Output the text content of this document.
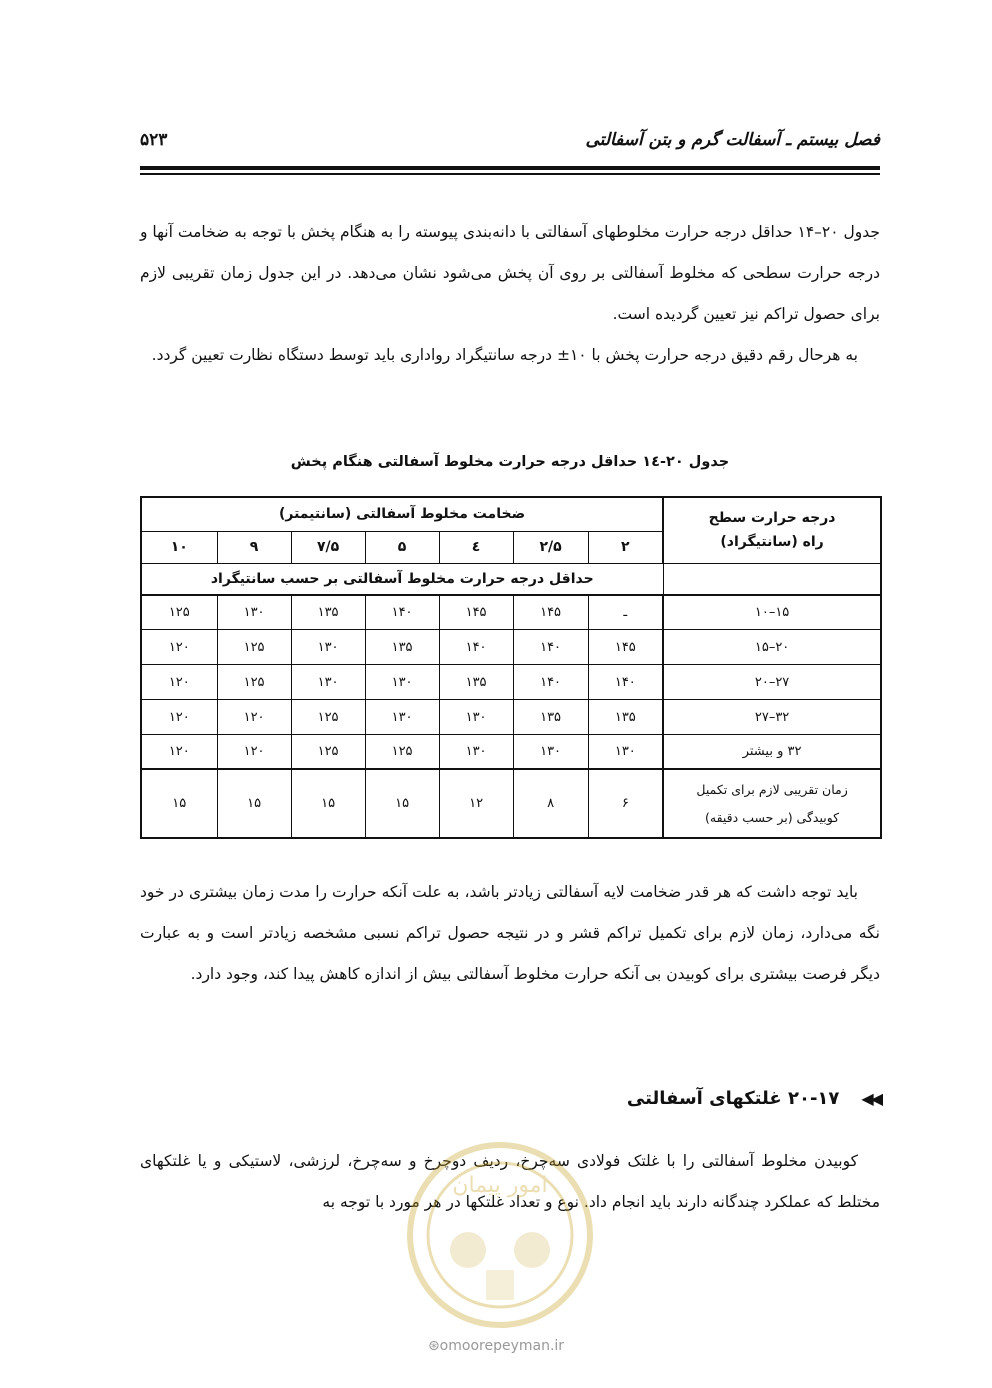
فصل بیستم ـ آسفالت گرم و بتن آسفالتی
۵۲۳

جدول ۲۰–۱۴ حداقل درجه حرارت مخلوطهای آسفالتی با دانه‌بندی پیوسته را به هنگام پخش با توجه به ضخامت آنها و درجه حرارت سطحی که مخلوط آسفالتی بر روی آن پخش می‌شود نشان می‌دهد. در این جدول زمان تقریبی لازم برای حصول تراکم نیز تعیین گردیده است.

به هرحال رقم دقیق درجه حرارت پخش با ۱۰± درجه سانتیگراد رواداری باید توسط دستگاه نظارت تعیین گردد.

جدول ۲۰-۱٤ حداقل درجه حرارت مخلوط آسفالتی هنگام پخش
درجه حرارت سطح راه (سانتیگراد)	ضخامت مخلوط آسفالتی (سانتیمتر)						
	۲	۲/۵	٤	۵	۷/۵	۹	۱۰
	حداقل درجه حرارت مخلوط آسفالتی بر حسب سانتیگراد						
۱۵–۱۰	ـ	۱۴۵	۱۴۵	۱۴۰	۱۳۵	۱۳۰	۱۲۵
۲۰–۱۵	۱۴۵	۱۴۰	۱۴۰	۱۳۵	۱۳۰	۱۲۵	۱۲۰
۲۷–۲۰	۱۴۰	۱۴۰	۱۳۵	۱۳۰	۱۳۰	۱۲۵	۱۲۰
۳۲–۲۷	۱۳۵	۱۳۵	۱۳۰	۱۳۰	۱۲۵	۱۲۰	۱۲۰
۳۲ و بیشتر	۱۳۰	۱۳۰	۱۳۰	۱۲۵	۱۲۵	۱۲۰	۱۲۰

زمان تقریبی لازم برای تکمیل
کوبیدگی (بر حسب دقیقه)	۶	۸	۱۲	۱۵	۱۵	۱۵	۱۵

باید توجه داشت که هر قدر ضخامت لایه آسفالتی زیادتر باشد، به علت آنکه حرارت را مدت زمان بیشتری در خود نگه می‌دارد، زمان لازم برای تکمیل تراکم قشر و در نتیجه حصول تراکم نسبی مشخصه زیادتر است و به عبارت دیگر فرصت بیشتری برای کوبیدن بی آنکه حرارت مخلوط آسفالتی بیش از اندازه کاهش پیدا کند، وجود دارد.

◀◀
۲۰-۱۷ غلتکهای آسفالتی

کوبیدن مخلوط آسفالتی را با غلتک فولادی سه‌چرخ، ردیف دوچرخ و سه‌چرخ، لرزشی، لاستیکی و یا غلتکهای مختلط که عملکرد چندگانه دارند باید انجام داد. نوع و تعداد غلتکها در هر مورد با توجه به

امور پیمان
⊛omoorepeyman.ir
